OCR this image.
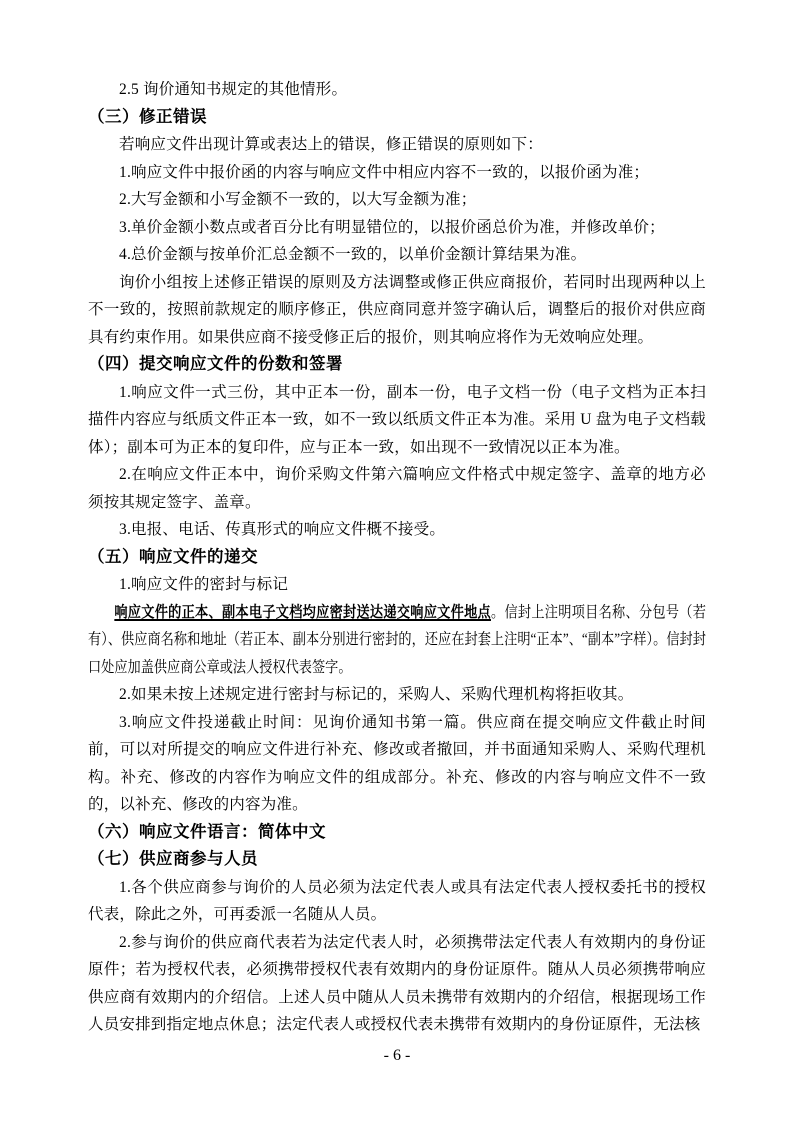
2.5 询价通知书规定的其他情形。

（三）修正错误

若响应文件出现计算或表达上的错误，修正错误的原则如下：

1.响应文件中报价函的内容与响应文件中相应内容不一致的，以报价函为准；

2.大写金额和小写金额不一致的，以大写金额为准；

3.单价金额小数点或者百分比有明显错位的，以报价函总价为准，并修改单价；

4.总价金额与按单价汇总金额不一致的，以单价金额计算结果为准。

询价小组按上述修正错误的原则及方法调整或修正供应商报价，若同时出现两种以上不一致的，按照前款规定的顺序修正，供应商同意并签字确认后，调整后的报价对供应商具有约束作用。如果供应商不接受修正后的报价，则其响应将作为无效响应处理。

（四）提交响应文件的份数和签署

1.响应文件一式三份，其中正本一份，副本一份，电子文档一份（电子文档为正本扫描件内容应与纸质文件正本一致，如不一致以纸质文件正本为准。采用 U 盘为电子文档载体）；副本可为正本的复印件，应与正本一致，如出现不一致情况以正本为准。

2.在响应文件正本中，询价采购文件第六篇响应文件格式中规定签字、盖章的地方必须按其规定签字、盖章。

3.电报、电话、传真形式的响应文件概不接受。

（五）响应文件的递交

1.响应文件的密封与标记

响应文件的正本、副本电子文档均应密封送达递交响应文件地点。信封上注明项目名称、分包号（若有）、供应商名称和地址（若正本、副本分别进行密封的，还应在封套上注明“正本”、“副本”字样）。信封封口处应加盖供应商公章或法人授权代表签字。

2.如果未按上述规定进行密封与标记的，采购人、采购代理机构将拒收其。

3.响应文件投递截止时间：见询价通知书第一篇。供应商在提交响应文件截止时间前，可以对所提交的响应文件进行补充、修改或者撤回，并书面通知采购人、采购代理机构。补充、修改的内容作为响应文件的组成部分。补充、修改的内容与响应文件不一致的，以补充、修改的内容为准。

（六）响应文件语言：简体中文
（七）供应商参与人员

1.各个供应商参与询价的人员必须为法定代表人或具有法定代表人授权委托书的授权代表，除此之外，可再委派一名随从人员。

2.参与询价的供应商代表若为法定代表人时，必须携带法定代表人有效期内的身份证原件；若为授权代表，必须携带授权代表有效期内的身份证原件。随从人员必须携带响应供应商有效期内的介绍信。上述人员中随从人员未携带有效期内的介绍信，根据现场工作人员安排到指定地点休息；法定代表人或授权代表未携带有效期内的身份证原件，无法核

- 6 -
